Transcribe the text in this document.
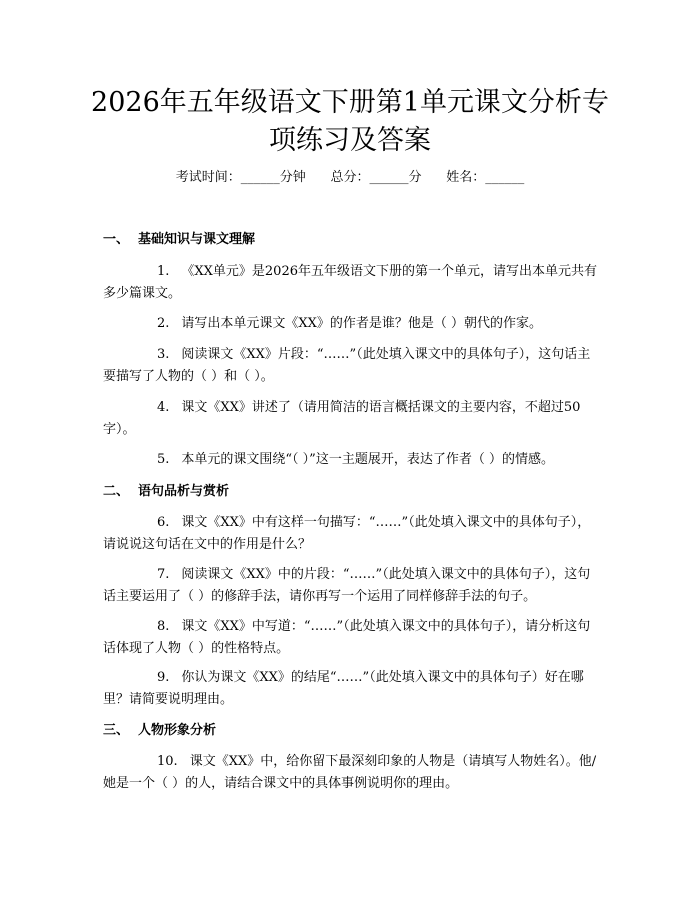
2026年五年级语文下册第1单元课文分析专项练习及答案
考试时间：______分钟      总分：______分      姓名：______
一、  基础知识与课文理解

1. 《XX单元》是2026年五年级语文下册的第一个单元，请写出本单元共有多少篇课文。

2. 请写出本单元课文《XX》的作者是谁？他是（ ）朝代的作家。

3. 阅读课文《XX》片段：“……”（此处填入课文中的具体句子），这句话主要描写了人物的（ ）和（ ）。

4. 课文《XX》讲述了（请用简洁的语言概括课文的主要内容，不超过50字）。

5. 本单元的课文围绕“（ ）”这一主题展开，表达了作者（ ）的情感。

二、  语句品析与赏析

6. 课文《XX》中有这样一句描写：“……”（此处填入课文中的具体句子），请说说这句话在文中的作用是什么？

7. 阅读课文《XX》中的片段：“……”（此处填入课文中的具体句子），这句话主要运用了（ ）的修辞手法，请你再写一个运用了同样修辞手法的句子。

8. 课文《XX》中写道：“……”（此处填入课文中的具体句子），请分析这句话体现了人物（ ）的性格特点。

9. 你认为课文《XX》的结尾“……”（此处填入课文中的具体句子）好在哪里？请简要说明理由。

三、  人物形象分析

10. 课文《XX》中，给你留下最深刻印象的人物是（请填写人物姓名）。他/她是一个（ ）的人，请结合课文中的具体事例说明你的理由。
